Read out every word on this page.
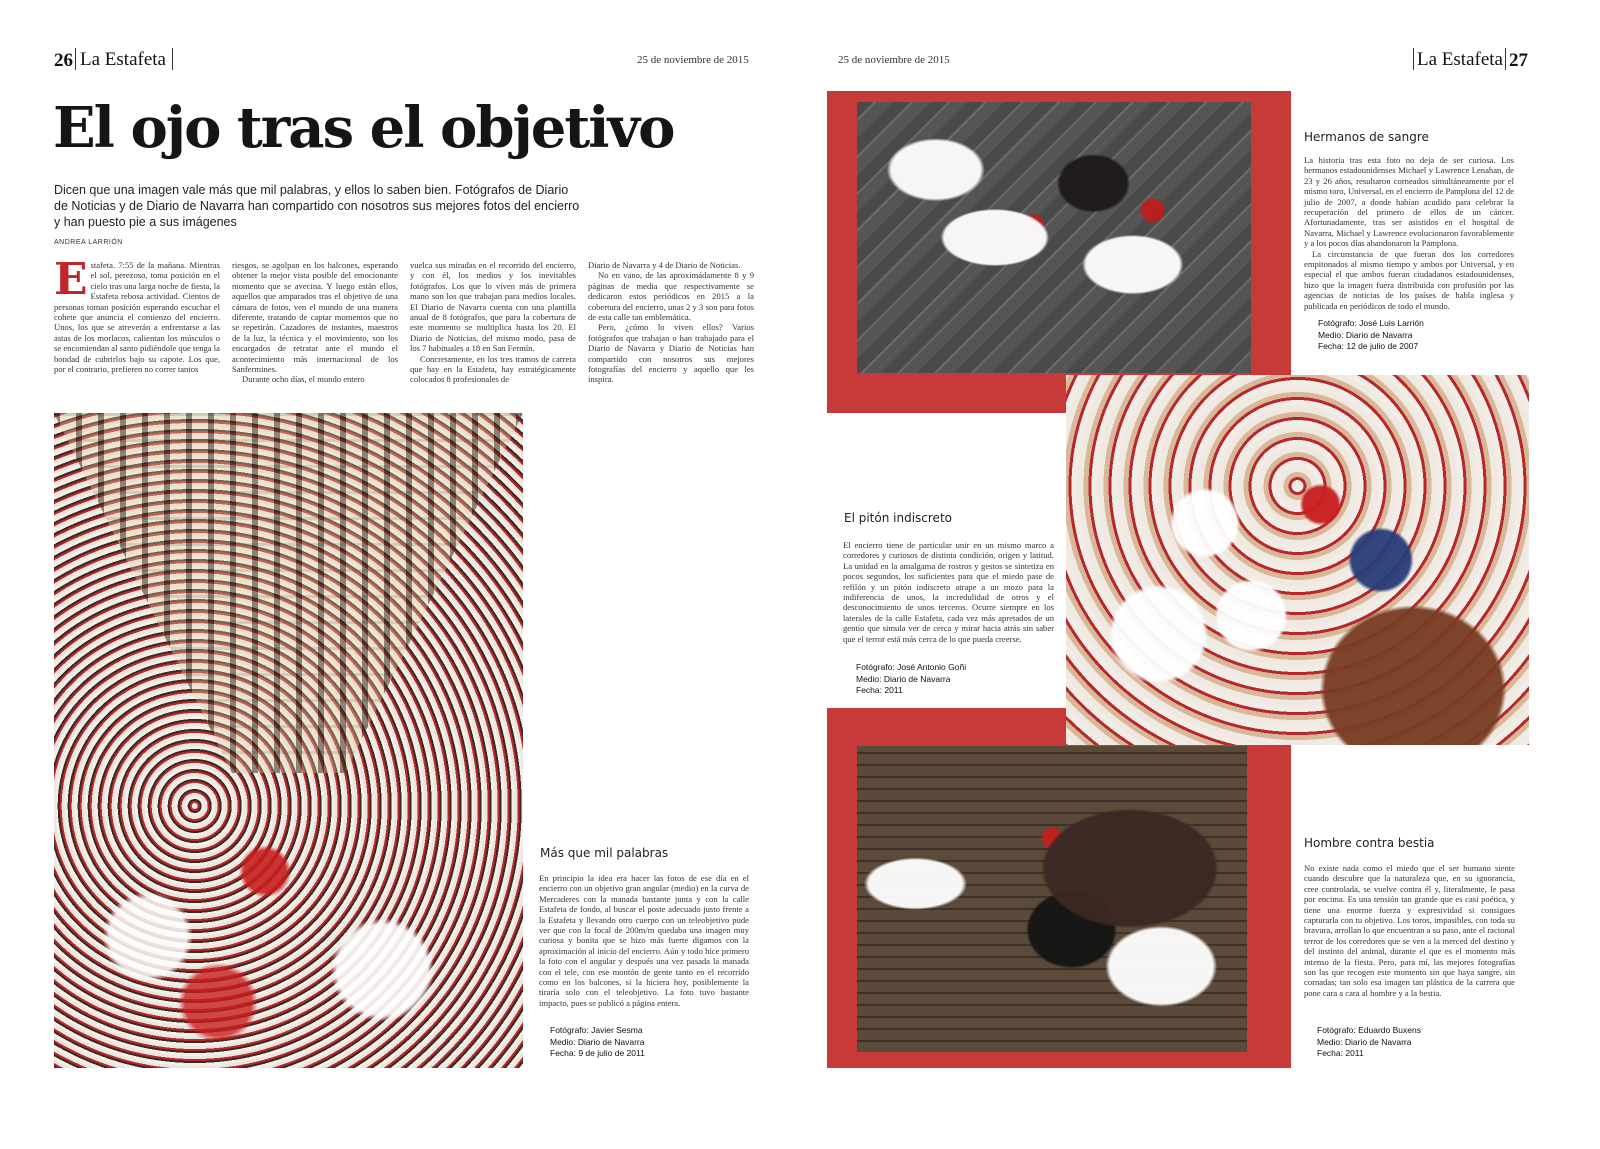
26 La Estafeta	25 de noviembre de 2015
El ojo tras el objetivo
Dicen que una imagen vale más que mil palabras, y ellos lo saben bien. Fotógrafos de Diario de Noticias y de Diario de Navarra han compartido con nosotros sus mejores fotos del encierro y han puesto pie a sus imágenes
ANDREA LARRIÓN
E stafeta. 7:55 de la mañana. Mientras el sol, perezoso, toma posición en el cielo tras una larga noche de fiesta, la Estafeta rebosa actividad. Cientos de personas toman posición esperando escuchar el cohete que anuncia el comienzo del encierro. Unos, los que se atreverán a enfrentarse a las astas de los morlacos, calientan los músculos o se encomiendan al santo pidiéndole que tenga la bondad de cubrirlos bajo su capote. Los que, por el contrario, prefieren no correr tantos

riesgos, se agolpan en los balcones, esperando obtener la mejor vista posible del emocionante momento que se avecina. Y luego están ellos, aquellos que amparados tras el objetivo de una cámara de fotos, ven el mundo de una manera diferente, tratando de captar momentos que no se repetirán. Cazadores de instantes, maestros de la luz, la técnica y el movimiento, son los encargados de retratar ante el mundo el acontecimiento más internacional de los Sanfermines.

Durante ocho días, el mundo entero

vuelca sus miradas en el recorrido del encierro, y con él, los medios y los inevitables fotógrafos. Los que lo viven más de primera mano son los que trabajan para medios locales. El Diario de Navarra cuenta con una plantilla anual de 8 fotógrafos, que para la cobertura de este momento se multiplica hasta los 20. El Diario de Noticias, del mismo modo, pasa de los 7 habituales a 18 en San Fermín.

Concretamente, en los tres tramos de carrera que hay en la Estafeta, hay estratégicamente colocados 8 profesionales de

Diario de Navarra y 4 de Diario de Noticias.

No en vano, de las aproximádamente 8 y 9 páginas de media que respectivamente se dedicaron estos periódicos en 2015 a la cobertura del encierro, unas 2 y 3 son para fotos de esta calle tan emblemática.

Pero, ¿cómo lo viven ellos? Varios fotógrafos que trabajan o han trabajado para el Diario de Navarra y Diario de Noticias han compartido con nosotros sus mejores fotografías del encierro y aquello que les inspira.

Más que mil palabras

En principio la idea era hacer las fotos de ese día en el encierro con un objetivo gran angular (medio) en la curva de Mercaderes con la manada bastante junta y con la calle Estafeta de fondo, al buscar el poste adecuado justo frente a la Estafeta y llevando otro cuerpo con un teleobjetivo pude ver que con la focal de 200m/m quedaba una imagen muy curiosa y bonita que se hizo más fuerte digamos con la aproximación al inicio del encierro. Aún y todo hice primero la foto con el angular y después una vez pasada la manada con el tele, con ese montón de gente tanto en el recorrido como en los balcones, si la hiciera hoy, posiblemente la tiraría solo con el teleobjetivo. La foto tuvo bastante impacto, pues se publicó a página entera.

Fotógrafo: Javier Sesma
Medio: Diario de Navarra
Fecha: 9 de julio de 2011
25 de noviembre de 2015	La Estafeta 27
Hermanos de sangre

La historia tras esta foto no deja de ser curiosa. Los hermanos estadounidenses Michael y Lawrence Lenahan, de 23 y 26 años, resultaron corneados simultáneamente por el mismo toro, Universal, en el encierro de Pamplona del 12 de julio de 2007, a donde habían acudido para celebrar la recuperación del primero de ellos de un cáncer. Afortunadamente, tras ser asistidos en el hospital de Navarra, Michael y Lawrence evolucionaron favorablemente y a los pocos días abandonaron la Pamplona.

La circunstancia de que fueran dos los corredores empitonados al mismo tiempo y ambos por Universal, y en especial el que ambos fueran ciudadanos estadounidenses, hizo que la imagen fuera distribuida con profusión por las agencias de noticias de los países de habla inglesa y publicada en periódicos de todo el mundo.

Fotógrafo: José Luis Larrión
Medio: Diario de Navarra
Fecha: 12 de julio de 2007
El pitón indiscreto

El encierro tiene de particular unir en un mismo marco a corredores y curiosos de distinta condición, origen y latitud. La unidad en la amalgama de rostros y gestos se sintetiza en pocos segundos, los suficientes para que el miedo pase de refilón y un pitón indiscreto atrape a un mozo para la indiferencia de unos, la incredulidad de otros y el desconocimiento de unos terceros. Ocurre siempre en los laterales de la calle Estafeta, cada vez más apretados de un gentío que simula ver de cerca y mirar hacia atrás sin saber que el terror está más cerca de lo que pueda creerse.

Fotógrafo: José Antonio Goñi
Medio: Diario de Navarra
Fecha: 2011
Hombre contra bestia

No existe nada como el miedo que el ser humano siente cuando descubre que la naturaleza que, en su ignorancia, cree controlada, se vuelve contra él y, literalmente, le pasa por encima. Es una tensión tan grande que es casi poética, y tiene una enorme fuerza y expresividad si consigues capturarla con tu objetivo. Los toros, impasibles, con toda su bravura, arrollan lo que encuentran a su paso, ante el racional terror de los corredores que se ven a la merced del destino y del instinto del animal, durante el que es el momento más intenso de la fiesta. Pero, para mí, las mejores fotografías son las que recogen este momento sin que haya sangre, sin cornadas; tan solo esa imagen tan plástica de la carrera que pone cara a cara al hombre y a la bestia.

Fotógrafo: Eduardo Buxens
Medio: Diario de Navarra
Fecha: 2011
